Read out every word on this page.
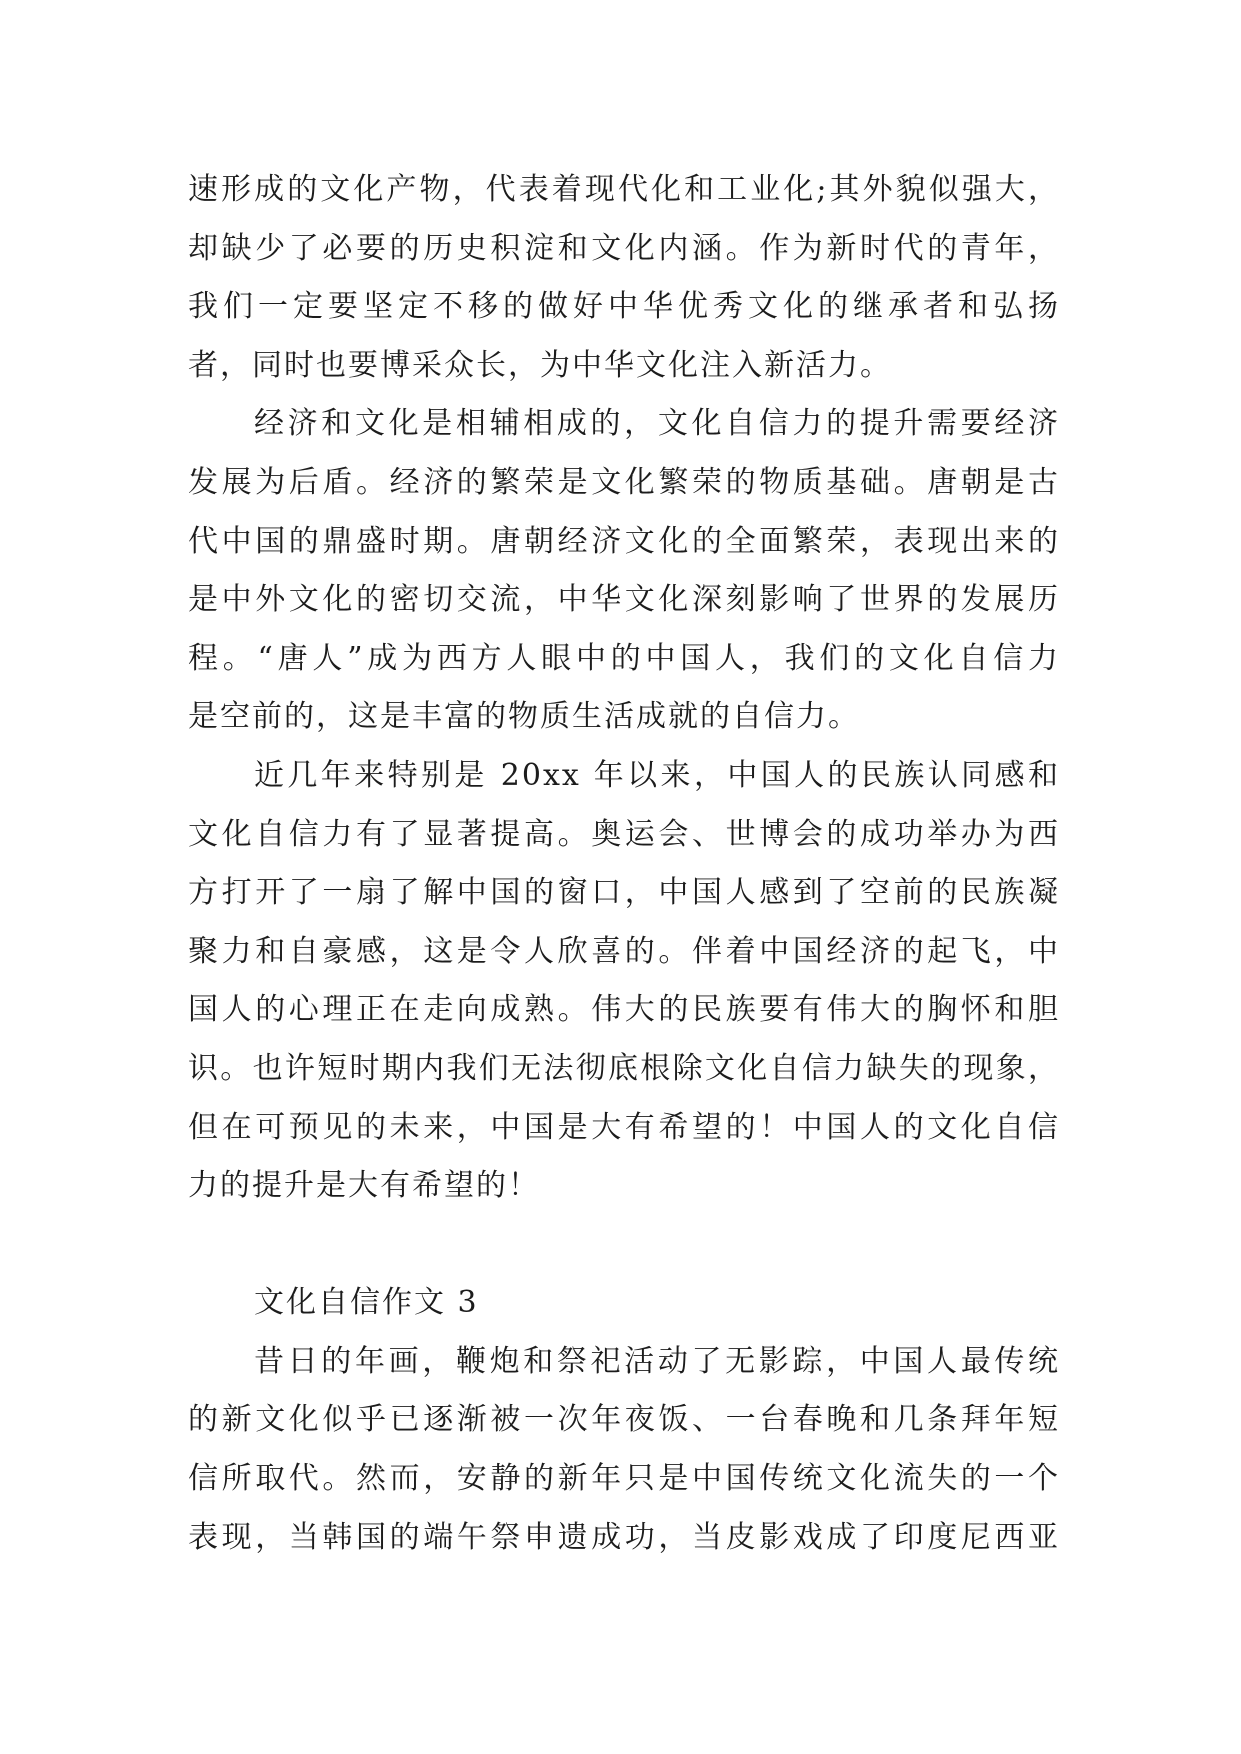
速形成的文化产物，代表着现代化和工业化;其外貌似强大，
却缺少了必要的历史积淀和文化内涵。作为新时代的青年，
我们一定要坚定不移的做好中华优秀文化的继承者和弘扬
者，同时也要博采众长，为中华文化注入新活力。
经济和文化是相辅相成的，文化自信力的提升需要经济
发展为后盾。经济的繁荣是文化繁荣的物质基础。唐朝是古
代中国的鼎盛时期。唐朝经济文化的全面繁荣，表现出来的
是中外文化的密切交流，中华文化深刻影响了世界的发展历
程。“唐人”成为西方人眼中的中国人，我们的文化自信力
是空前的，这是丰富的物质生活成就的自信力。
近几年来特别是 20xx 年以来，中国人的民族认同感和
文化自信力有了显著提高。奥运会、世博会的成功举办为西
方打开了一扇了解中国的窗口，中国人感到了空前的民族凝
聚力和自豪感，这是令人欣喜的。伴着中国经济的起飞，中
国人的心理正在走向成熟。伟大的民族要有伟大的胸怀和胆
识。也许短时期内我们无法彻底根除文化自信力缺失的现象，
但在可预见的未来，中国是大有希望的！中国人的文化自信
力的提升是大有希望的！
文化自信作文 3
昔日的年画，鞭炮和祭祀活动了无影踪，中国人最传统
的新文化似乎已逐渐被一次年夜饭、一台春晚和几条拜年短
信所取代。然而，安静的新年只是中国传统文化流失的一个
表现，当韩国的端午祭申遗成功，当皮影戏成了印度尼西亚
